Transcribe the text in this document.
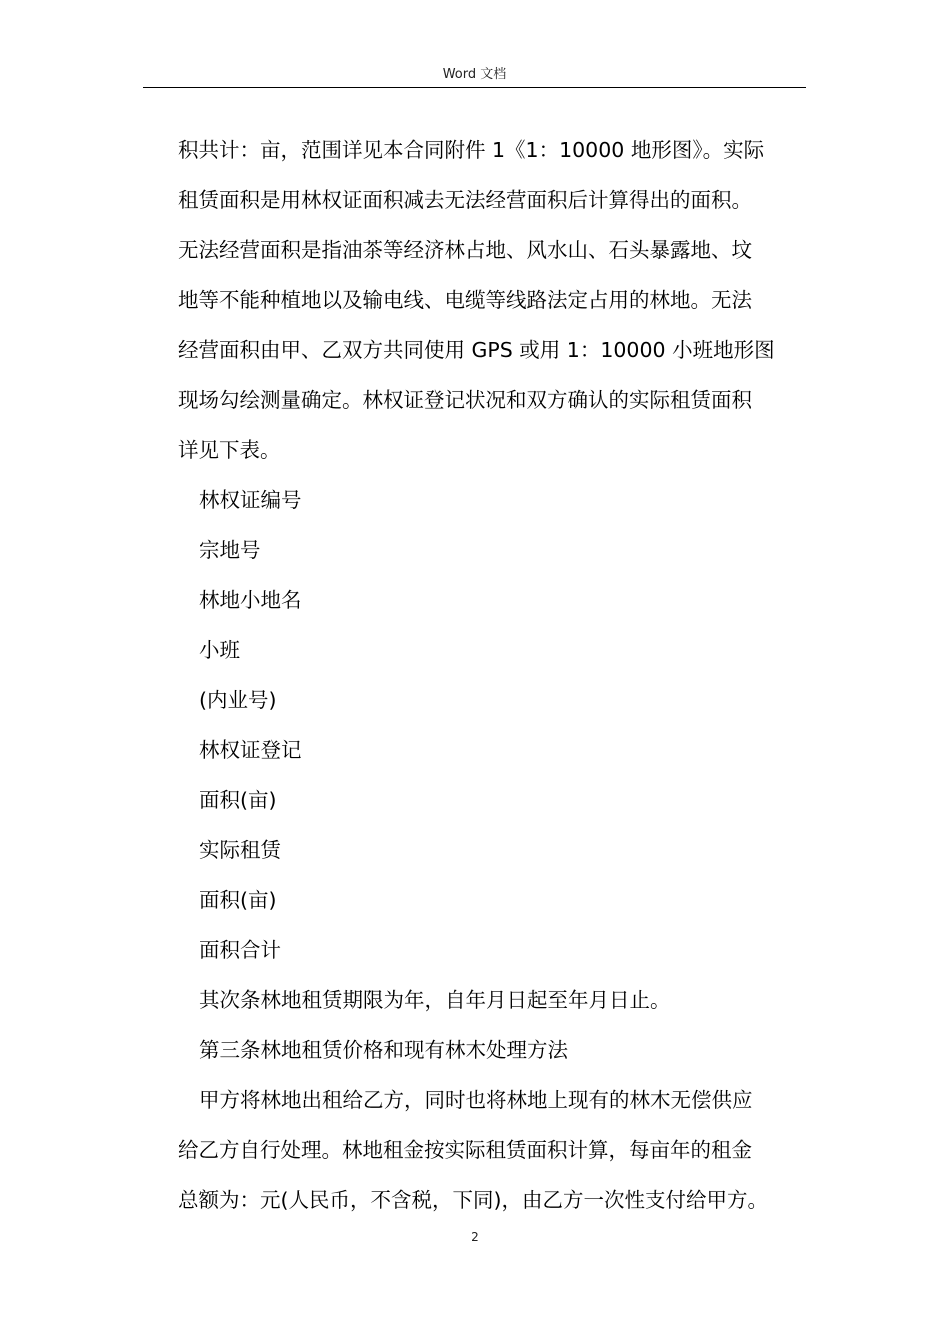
Word 文档
积共计：亩，范围详见本合同附件 1《1：10000 地形图》。实际
租赁面积是用林权证面积减去无法经营面积后计算得出的面积。
无法经营面积是指油茶等经济林占地、风水山、石头暴露地、坟
地等不能种植地以及输电线、电缆等线路法定占用的林地。无法
经营面积由甲、乙双方共同使用 GPS 或用 1：10000 小班地形图
现场勾绘测量确定。林权证登记状况和双方确认的实际租赁面积
详见下表。
林权证编号
宗地号
林地小地名
小班
(内业号)
林权证登记
面积(亩)
实际租赁
面积(亩)
面积合计
其次条林地租赁期限为年，自年月日起至年月日止。
第三条林地租赁价格和现有林木处理方法
甲方将林地出租给乙方，同时也将林地上现有的林木无偿供应
给乙方自行处理。林地租金按实际租赁面积计算，每亩年的租金
总额为：元(人民币，不含税，下同)，由乙方一次性支付给甲方。
2
